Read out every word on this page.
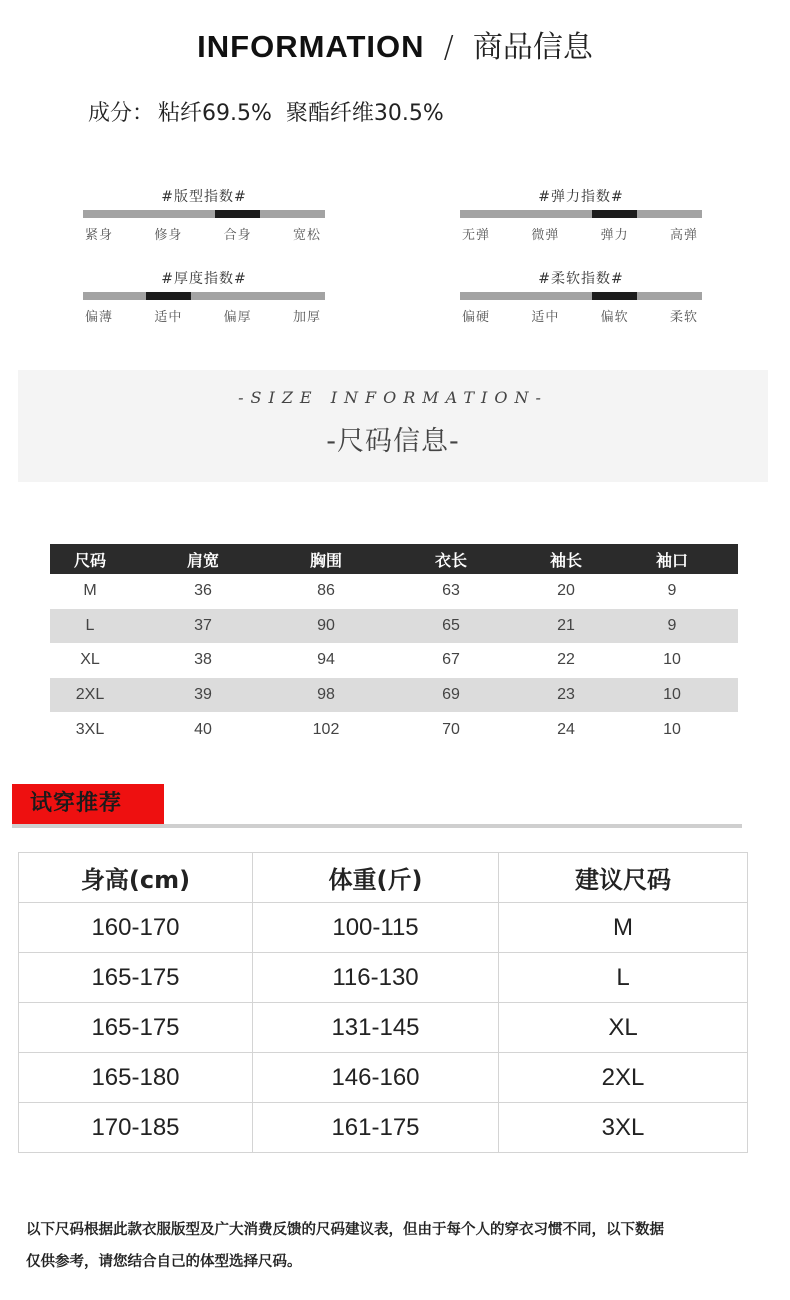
INFORMATION / 商品信息
成分： 粘纤69.5%  聚酯纤维30.5%
#版型指数#
紧身	修身	合身	宽松
#弹力指数#
无弹	微弹	弹力	高弹
#厚度指数#
偏薄	适中	偏厚	加厚
#柔软指数#
偏硬	适中	偏软	柔软
-SIZE INFORMATION-
-尺码信息-
尺码	肩宽	胸围	衣长	袖长	袖口
M	36	86	63	20	9
L	37	90	65	21	9
XL	38	94	67	22	10
2XL	39	98	69	23	10
3XL	40	102	70	24	10
试穿推荐
身高(cm)	体重(斤)	建议尺码
160-170	100-115	M
165-175	116-130	L
165-175	131-145	XL
165-180	146-160	2XL
170-185	161-175	3XL
以下尺码根据此款衣服版型及广大消费反馈的尺码建议表，但由于每个人的穿衣习惯不同，以下数据
仅供参考，请您结合自己的体型选择尺码。
